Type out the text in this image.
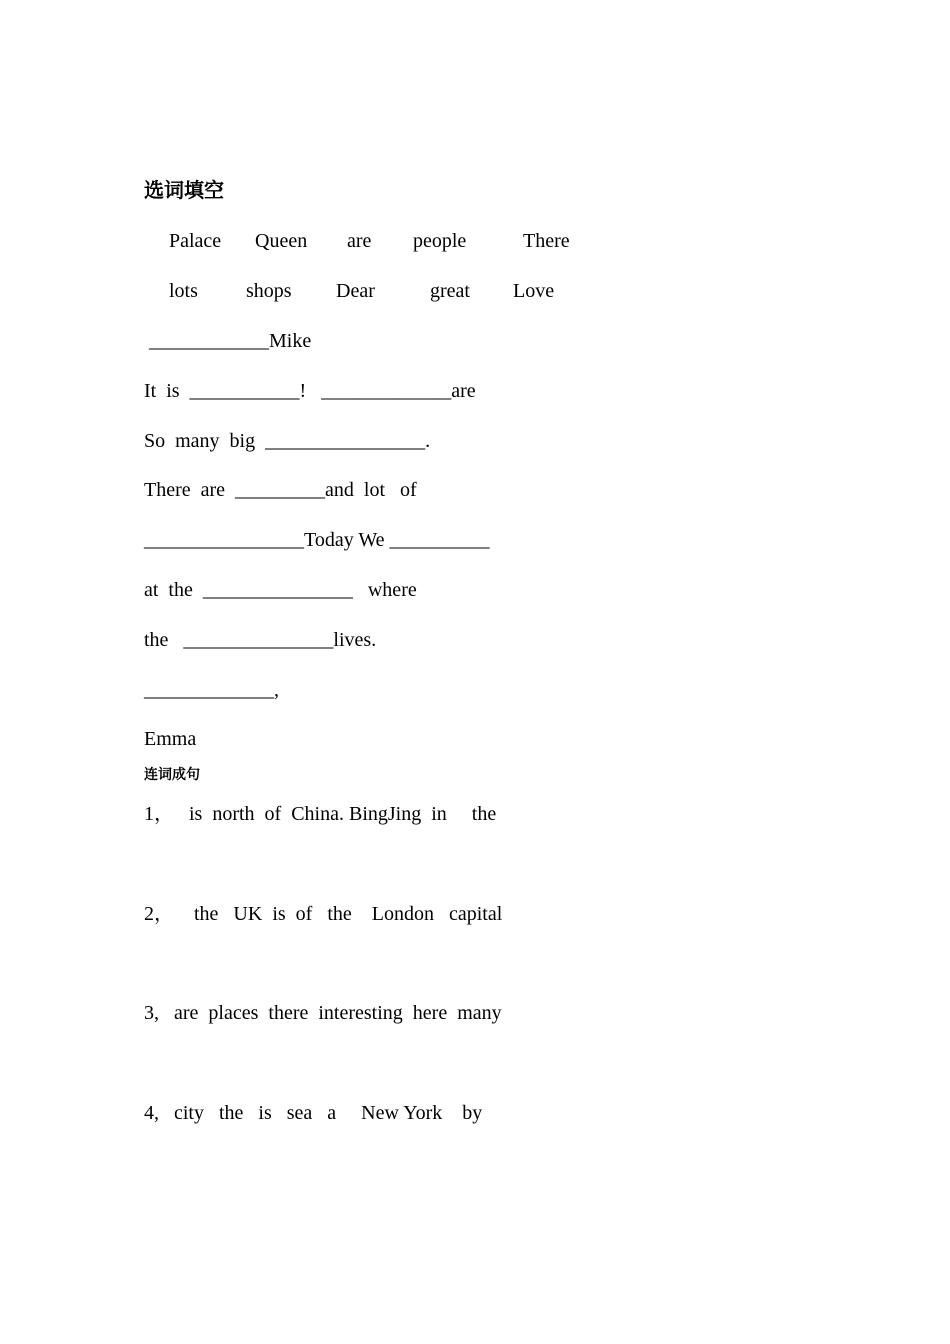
选词填空
Palace Queen are people	There
lots shops Dear	great Love
____________Mike
It  is  ___________!   _____________are
So  many  big  ________________.
There  are  _________and  lot   of
________________Today We __________
at  the  _______________   where
the   _______________lives.
_____________,
Emma
连词成句
1，   is  north  of  China. BingJing  in     the
2，    the   UK  is  of   the    London   capital
3,   are  places  there  interesting  here  many
4,   city   the   is   sea   a     New York    by
